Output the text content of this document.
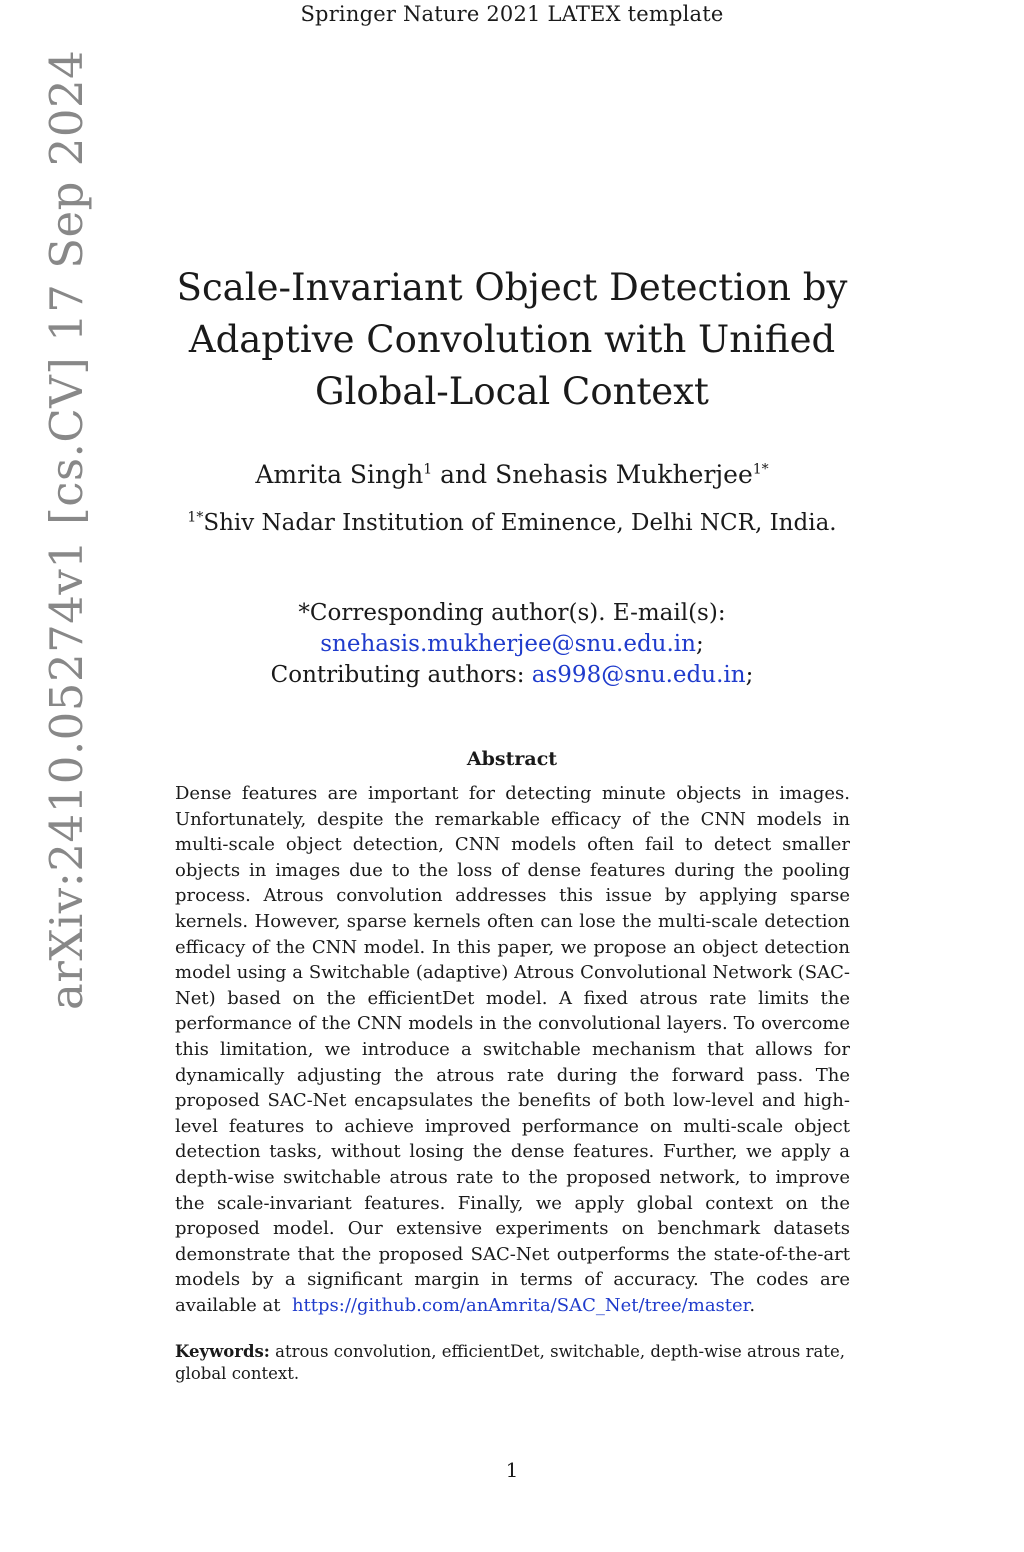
Springer Nature 2021 LATEX template
arXiv:2410.05274v1 [cs.CV] 17 Sep 2024	Scale-Invariant Object Detection by
Adaptive Convolution with Unified
Global-Local Context
Amrita Singh$^1$ and Snehasis Mukherjee$^{1*}$
$^{1*}$Shiv Nadar Institution of Eminence, Delhi NCR, India.
*Corresponding author(s). E-mail(s):
snehasis.mukherjee@snu.edu.in;
Contributing authors: as998@snu.edu.in;
Abstract

Dense features are important for detecting minute objects in images. Unfortunately, despite the remarkable efficacy of the CNN models in multi-scale object detection, CNN models often fail to detect smaller objects in images due to the loss of dense features during the pooling process. Atrous convolution addresses this issue by applying sparse kernels. However, sparse kernels often can lose the multi-scale detection efficacy of the CNN model. In this paper, we propose an object detection model using a Switchable (adaptive) Atrous Convolutional Network (SAC-Net) based on the efficientDet model. A fixed atrous rate limits the performance of the CNN models in the convolutional layers. To overcome this limitation, we introduce a switchable mechanism that allows for dynamically adjusting the atrous rate during the forward pass. The proposed SAC-Net encapsulates the benefits of both low-level and high-level features to achieve improved performance on multi-scale object detection tasks, without losing the dense features. Further, we apply a depth-wise switchable atrous rate to the proposed network, to improve the scale-invariant features. Finally, we apply global context on the proposed model. Our extensive experiments on benchmark datasets demonstrate that the proposed SAC-Net outperforms the state-of-the-art models by a significant margin in terms of accuracy. The codes are available at https://github.com/anAmrita/SAC_Net/tree/master.

Keywords: atrous convolution, efficientDet, switchable, depth-wise atrous rate, global context.

1
